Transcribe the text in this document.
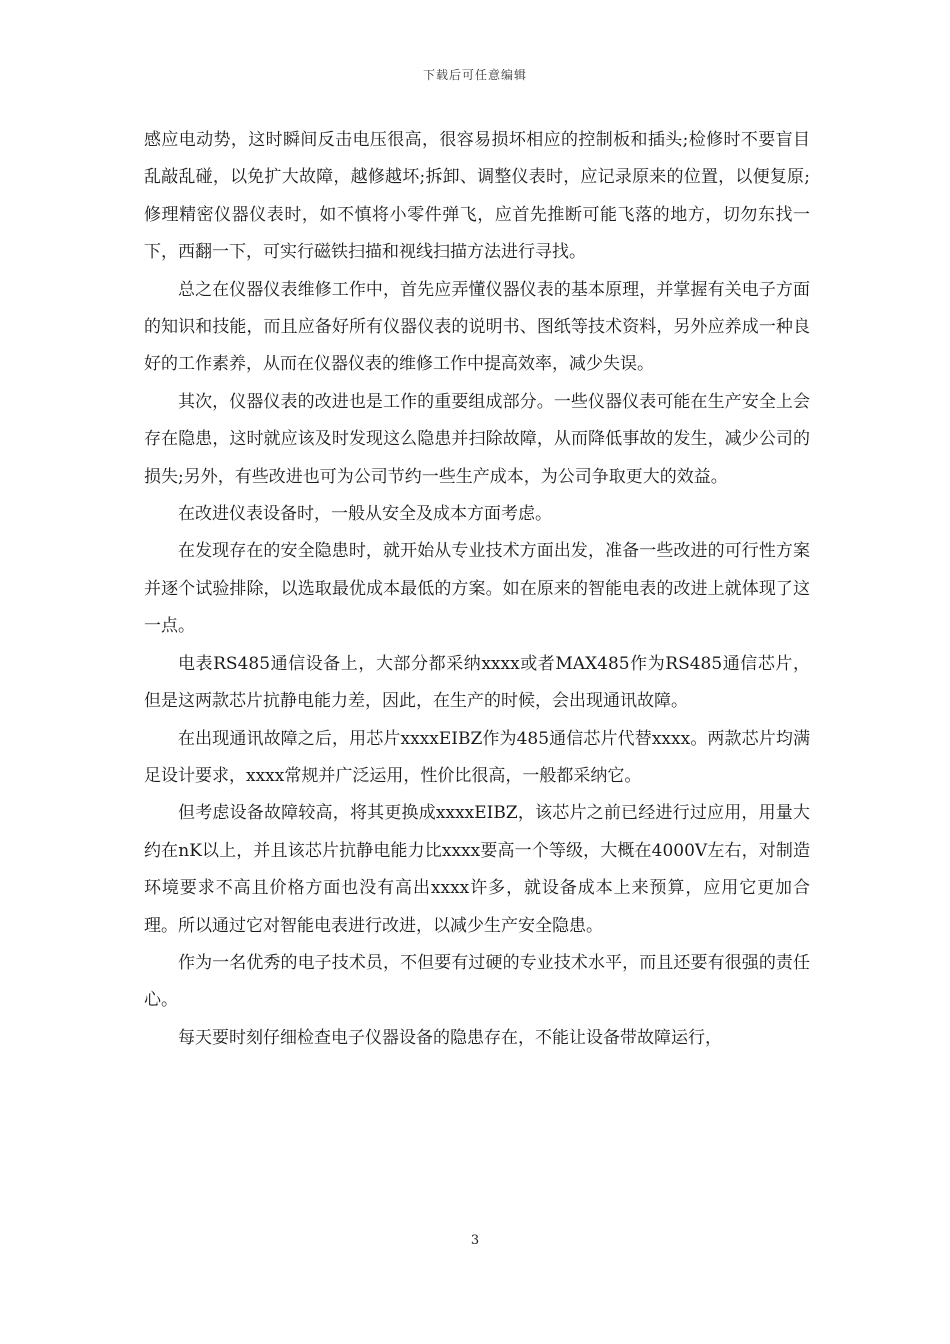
下载后可任意编辑

感应电动势，这时瞬间反击电压很高，很容易损坏相应的控制板和插头;检修时不要盲目乱敲乱碰，以免扩大故障，越修越坏;拆卸、调整仪表时，应记录原来的位置，以便复原;修理精密仪器仪表时，如不慎将小零件弹飞，应首先推断可能飞落的地方，切勿东找一下，西翻一下，可实行磁铁扫描和视线扫描方法进行寻找。

总之在仪器仪表维修工作中，首先应弄懂仪器仪表的基本原理，并掌握有关电子方面的知识和技能，而且应备好所有仪器仪表的说明书、图纸等技术资料，另外应养成一种良好的工作素养，从而在仪器仪表的维修工作中提高效率，减少失误。

其次，仪器仪表的改进也是工作的重要组成部分。一些仪器仪表可能在生产安全上会存在隐患，这时就应该及时发现这么隐患并扫除故障，从而降低事故的发生，减少公司的损失;另外，有些改进也可为公司节约一些生产成本，为公司争取更大的效益。

在改进仪表设备时，一般从安全及成本方面考虑。

在发现存在的安全隐患时，就开始从专业技术方面出发，准备一些改进的可行性方案并逐个试验排除，以选取最优成本最低的方案。如在原来的智能电表的改进上就体现了这一点。

电表RS485通信设备上，大部分都采纳xxxx或者MAX485作为RS485通信芯片，但是这两款芯片抗静电能力差，因此，在生产的时候，会出现通讯故障。

在出现通讯故障之后，用芯片xxxxEIBZ作为485通信芯片代替xxxx。两款芯片均满足设计要求，xxxx常规并广泛运用，性价比很高，一般都采纳它。

但考虑设备故障较高，将其更换成xxxxEIBZ，该芯片之前已经进行过应用，用量大约在nK以上，并且该芯片抗静电能力比xxxx要高一个等级，大概在4000V左右，对制造环境要求不高且价格方面也没有高出xxxx许多，就设备成本上来预算，应用它更加合理。所以通过它对智能电表进行改进，以减少生产安全隐患。

作为一名优秀的电子技术员，不但要有过硬的专业技术水平，而且还要有很强的责任心。

每天要时刻仔细检查电子仪器设备的隐患存在，不能让设备带故障运行，

3
